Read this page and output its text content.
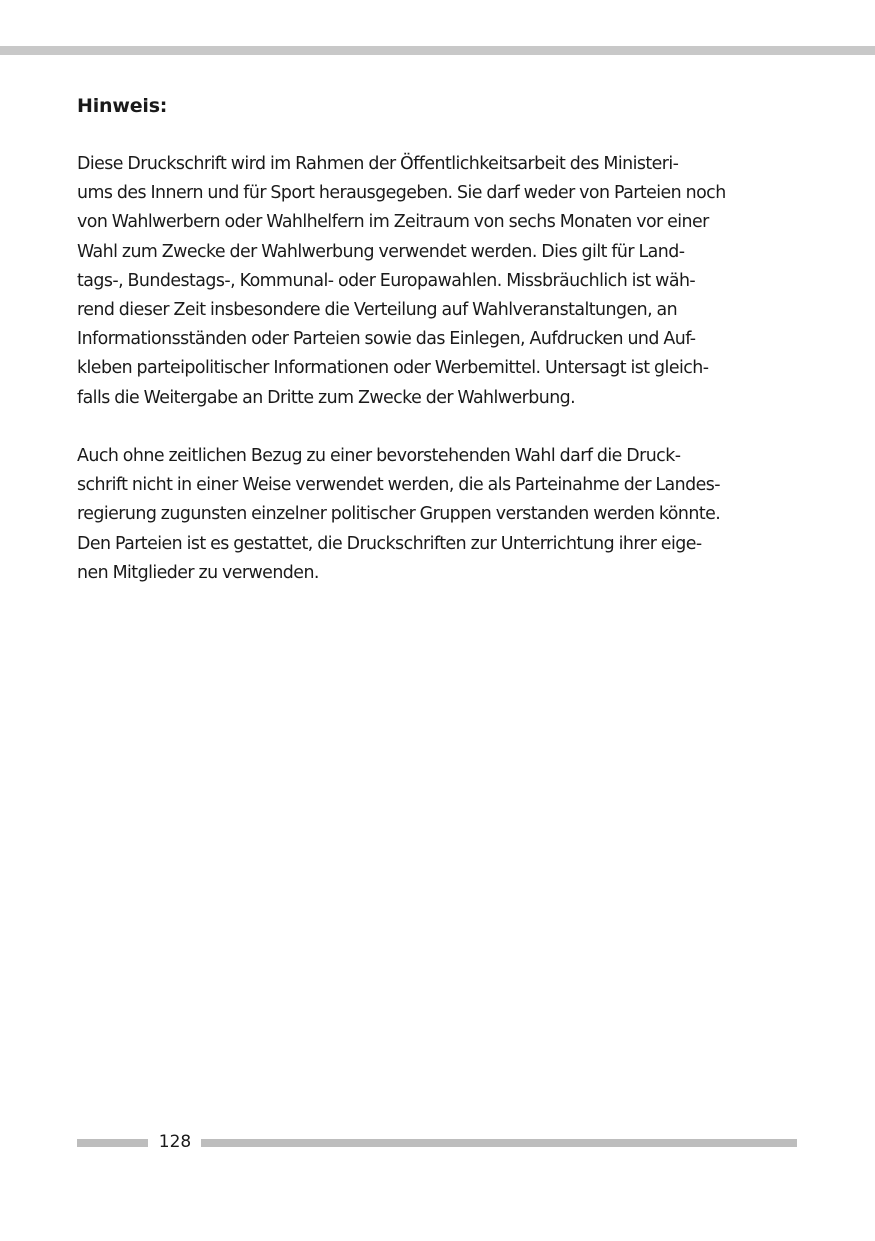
Hinweis:
Diese Druckschrift wird im Rahmen der Öffentlichkeitsarbeit des Ministeri-
ums des Innern und für Sport herausgegeben. Sie darf weder von Parteien noch
von Wahlwerbern oder Wahlhelfern im Zeitraum von sechs Monaten vor einer
Wahl zum Zwecke der Wahlwerbung verwendet werden. Dies gilt für Land-
tags-, Bundestags-, Kommunal- oder Europawahlen. Missbräuchlich ist wäh-
rend dieser Zeit insbesondere die Verteilung auf Wahlveranstaltungen, an
Informationsständen oder Parteien sowie das Einlegen, Aufdrucken und Auf-
kleben parteipolitischer Informationen oder Werbemittel. Untersagt ist gleich-
falls die Weitergabe an Dritte zum Zwecke der Wahlwerbung.
Auch ohne zeitlichen Bezug zu einer bevorstehenden Wahl darf die Druck-
schrift nicht in einer Weise verwendet werden, die als Parteinahme der Landes-
regierung zugunsten einzelner politischer Gruppen verstanden werden könnte.
Den Parteien ist es gestattet, die Druckschriften zur Unterrichtung ihrer eige-
nen Mitglieder zu verwenden.
128
